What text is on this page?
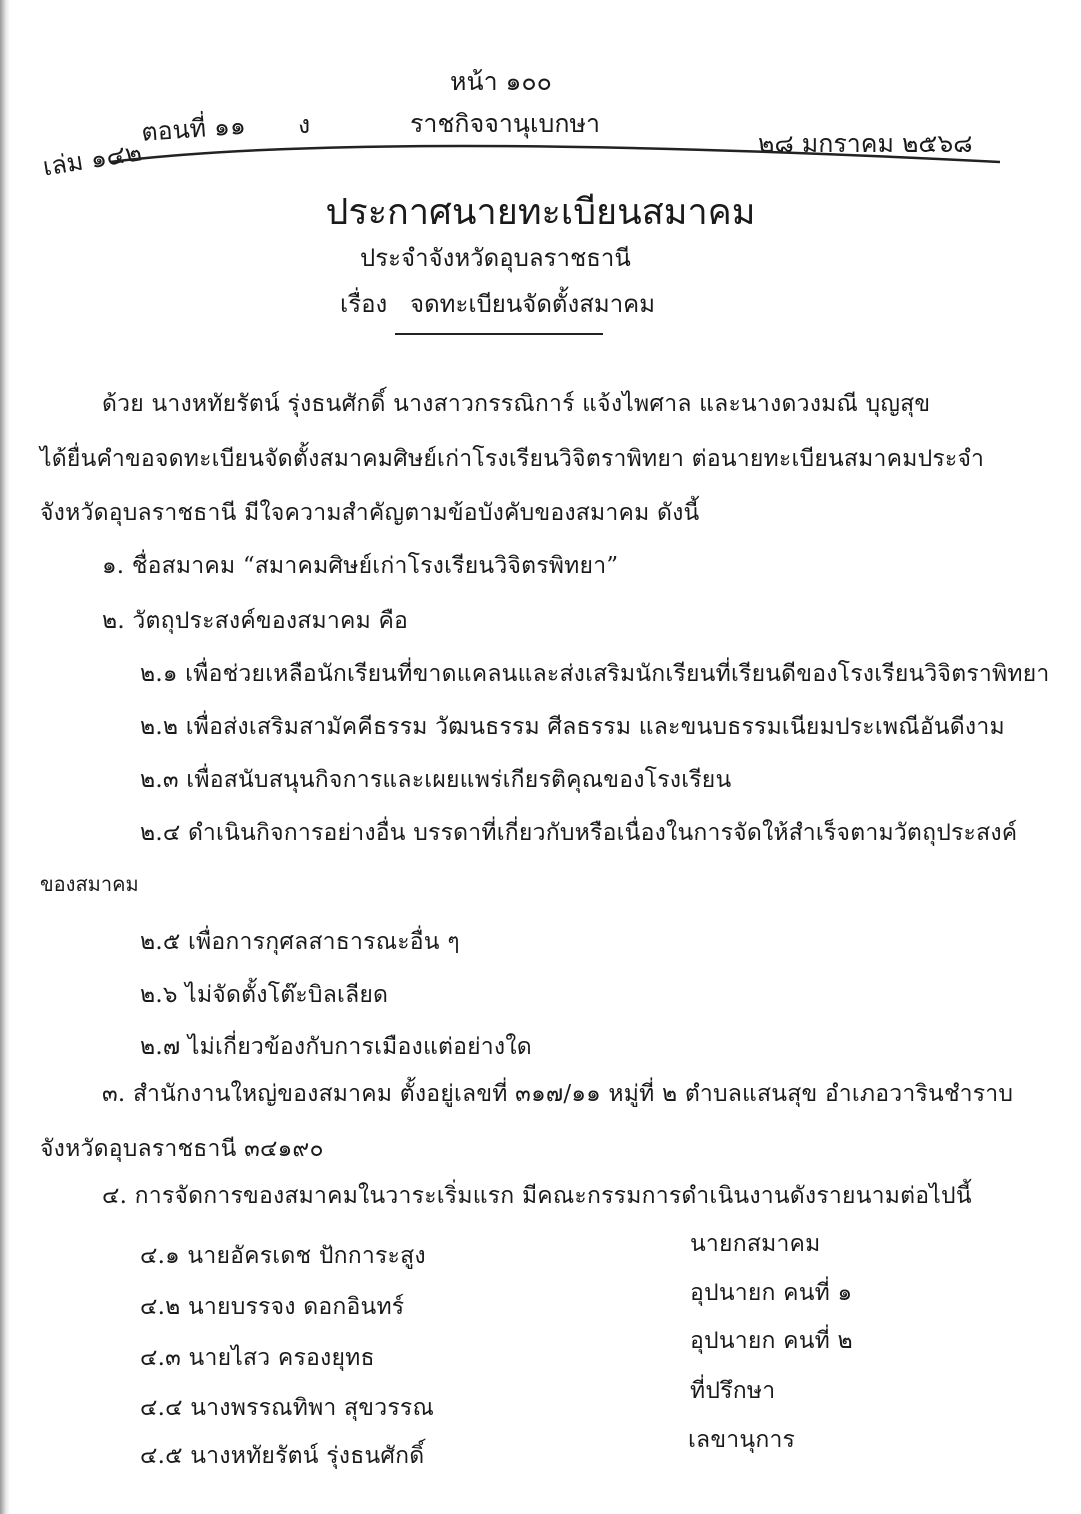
หน้า ๑๐๐
เล่ม ๑๔๒
ตอนที่ ๑๑ ง	ราชกิจจานุเบกษา
๒๘ มกราคม ๒๕๖๘
ประกาศนายทะเบียนสมาคม
ประจำจังหวัดอุบลราชธานี
เรื่อง จดทะเบียนจัดตั้งสมาคม
ด้วย นางหทัยรัตน์ รุ่งธนศักดิ์ นางสาวกรรณิการ์ แจ้งไพศาล และนางดวงมณี บุญสุข
ได้ยื่นคำขอจดทะเบียนจัดตั้งสมาคมศิษย์เก่าโรงเรียนวิจิตราพิทยา ต่อนายทะเบียนสมาคมประจำ
จังหวัดอุบลราชธานี มีใจความสำคัญตามข้อบังคับของสมาคม ดังนี้
๑. ชื่อสมาคม “สมาคมศิษย์เก่าโรงเรียนวิจิตรพิทยา”
๒. วัตถุประสงค์ของสมาคม คือ
๒.๑ เพื่อช่วยเหลือนักเรียนที่ขาดแคลนและส่งเสริมนักเรียนที่เรียนดีของโรงเรียนวิจิตราพิทยา
๒.๒ เพื่อส่งเสริมสามัคคีธรรม วัฒนธรรม ศีลธรรม และขนบธรรมเนียมประเพณีอันดีงาม
๒.๓ เพื่อสนับสนุนกิจการและเผยแพร่เกียรติคุณของโรงเรียน
๒.๔ ดำเนินกิจการอย่างอื่น บรรดาที่เกี่ยวกับหรือเนื่องในการจัดให้สำเร็จตามวัตถุประสงค์
ของสมาคม
๒.๕ เพื่อการกุศลสาธารณะอื่น ๆ
๒.๖ ไม่จัดตั้งโต๊ะบิลเลียด
๒.๗ ไม่เกี่ยวข้องกับการเมืองแต่อย่างใด
๓. สำนักงานใหญ่ของสมาคม ตั้งอยู่เลขที่ ๓๑๗/๑๑ หมู่ที่ ๒ ตำบลแสนสุข อำเภอวารินชำราบ
จังหวัดอุบลราชธานี ๓๔๑๙๐
๔. การจัดการของสมาคมในวาระเริ่มแรก มีคณะกรรมการดำเนินงานดังรายนามต่อไปนี้
๔.๑ นายอัครเดช ปักการะสูง	นายกสมาคม
๔.๒ นายบรรจง ดอกอินทร์
อุปนายก คนที่ ๑
๔.๓ นายไสว ครองยุทธ
อุปนายก คนที่ ๒
๔.๔ นางพรรณทิพา สุขวรรณ
ที่ปรึกษา
๔.๕ นางหทัยรัตน์ รุ่งธนศักดิ์
เลขานุการ
